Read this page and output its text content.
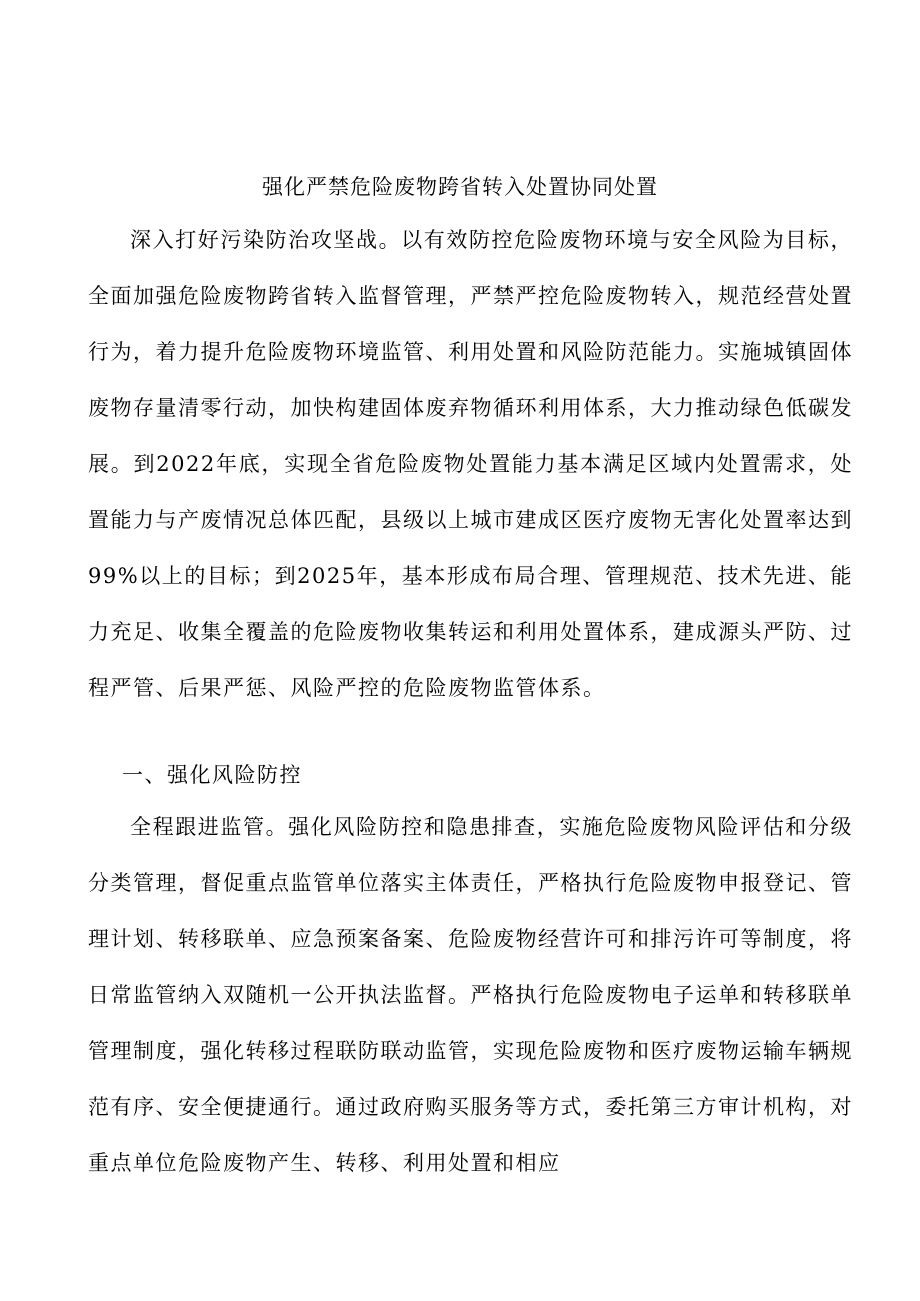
强化严禁危险废物跨省转入处置协同处置

深入打好污染防治攻坚战。以有效防控危险废物环境与安全风险为目标，全面加强危险废物跨省转入监督管理，严禁严控危险废物转入，规范经营处置行为，着力提升危险废物环境监管、利用处置和风险防范能力。实施城镇固体废物存量清零行动，加快构建固体废弃物循环利用体系，大力推动绿色低碳发展。到2022年底，实现全省危险废物处置能力基本满足区域内处置需求，处置能力与产废情况总体匹配，县级以上城市建成区医疗废物无害化处置率达到99%以上的目标；到2025年，基本形成布局合理、管理规范、技术先进、能力充足、收集全覆盖的危险废物收集转运和利用处置体系，建成源头严防、过程严管、后果严惩、风险严控的危险废物监管体系。

一、强化风险防控

全程跟进监管。强化风险防控和隐患排查，实施危险废物风险评估和分级分类管理，督促重点监管单位落实主体责任，严格执行危险废物申报登记、管理计划、转移联单、应急预案备案、危险废物经营许可和排污许可等制度，将日常监管纳入双随机一公开执法监督。严格执行危险废物电子运单和转移联单管理制度，强化转移过程联防联动监管，实现危险废物和医疗废物运输车辆规范有序、安全便捷通行。通过政府购买服务等方式，委托第三方审计机构，对重点单位危险废物产生、转移、利用处置和相应
